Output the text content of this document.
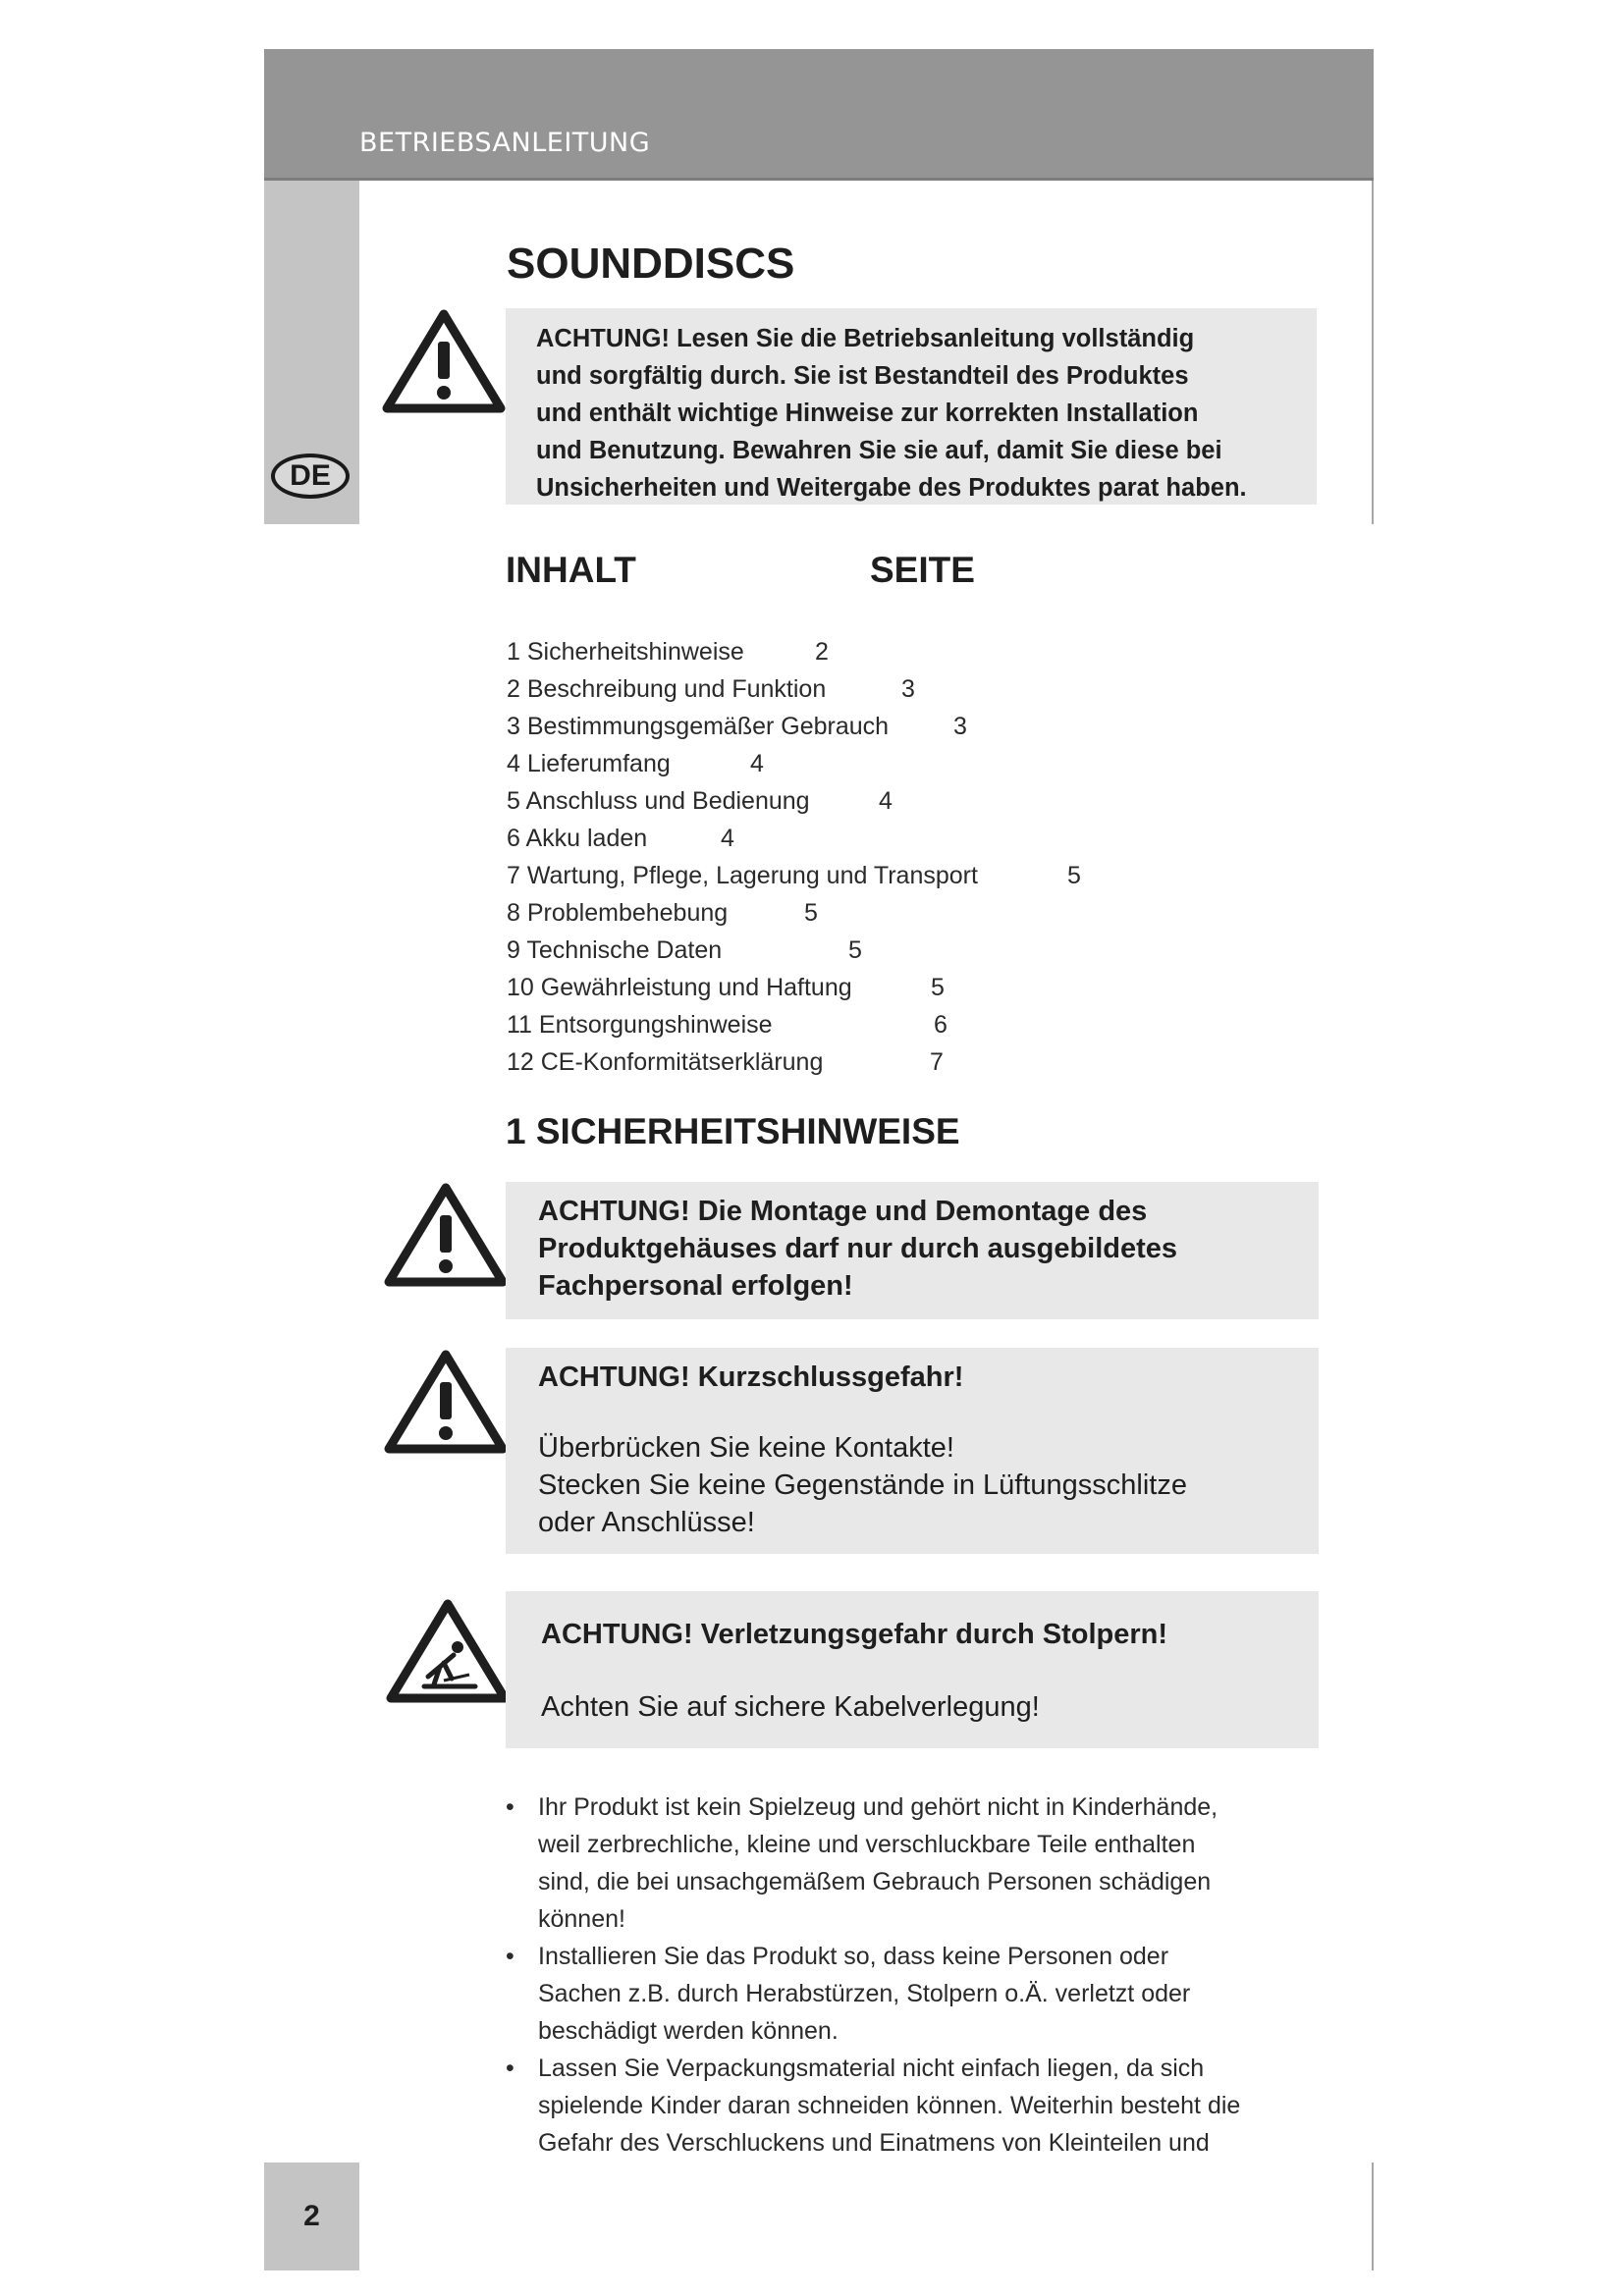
BETRIEBSANLEITUNG
DE
SOUNDDISCS
ACHTUNG! Lesen Sie die Betriebsanleitung vollständig
und sorgfältig durch. Sie ist Bestandteil des Produktes
und enthält wichtige Hinweise zur korrekten Installation
und Benutzung. Bewahren Sie sie auf, damit Sie diese bei
Unsicherheiten und Weitergabe des Produktes parat haben.
INHALT	SEITE
1 Sicherheitshinweise	2
2 Beschreibung und Funktion	3
3 Bestimmungsgemäßer Gebrauch	3
4 Lieferumfang	4
5 Anschluss und Bedienung	4
6 Akku laden	4
7 Wartung, Pflege, Lagerung und Transport	5
8 Problembehebung	5
9 Technische Daten	5
10 Gewährleistung und Haftung	5
11 Entsorgungshinweise	6
12 CE-Konformitätserklärung	7
1 SICHERHEITSHINWEISE
ACHTUNG! Die Montage und Demontage des
Produktgehäuses darf nur durch ausgebildetes
Fachpersonal erfolgen!
ACHTUNG! Kurzschlussgefahr!
Überbrücken Sie keine Kontakte!
Stecken Sie keine Gegenstände in Lüftungsschlitze
oder Anschlüsse!
ACHTUNG! Verletzungsgefahr durch Stolpern!
Achten Sie auf sichere Kabelverlegung!
• Ihr Produkt ist kein Spielzeug und gehört nicht in Kinderhände,
weil zerbrechliche, kleine und verschluckbare Teile enthalten
sind, die bei unsachgemäßem Gebrauch Personen schädigen
können!
• Installieren Sie das Produkt so, dass keine Personen oder
Sachen z.B. durch Herabstürzen, Stolpern o.Ä. verletzt oder
beschädigt werden können.
• Lassen Sie Verpackungsmaterial nicht einfach liegen, da sich
spielende Kinder daran schneiden können. Weiterhin besteht die
Gefahr des Verschluckens und Einatmens von Kleinteilen und
2
